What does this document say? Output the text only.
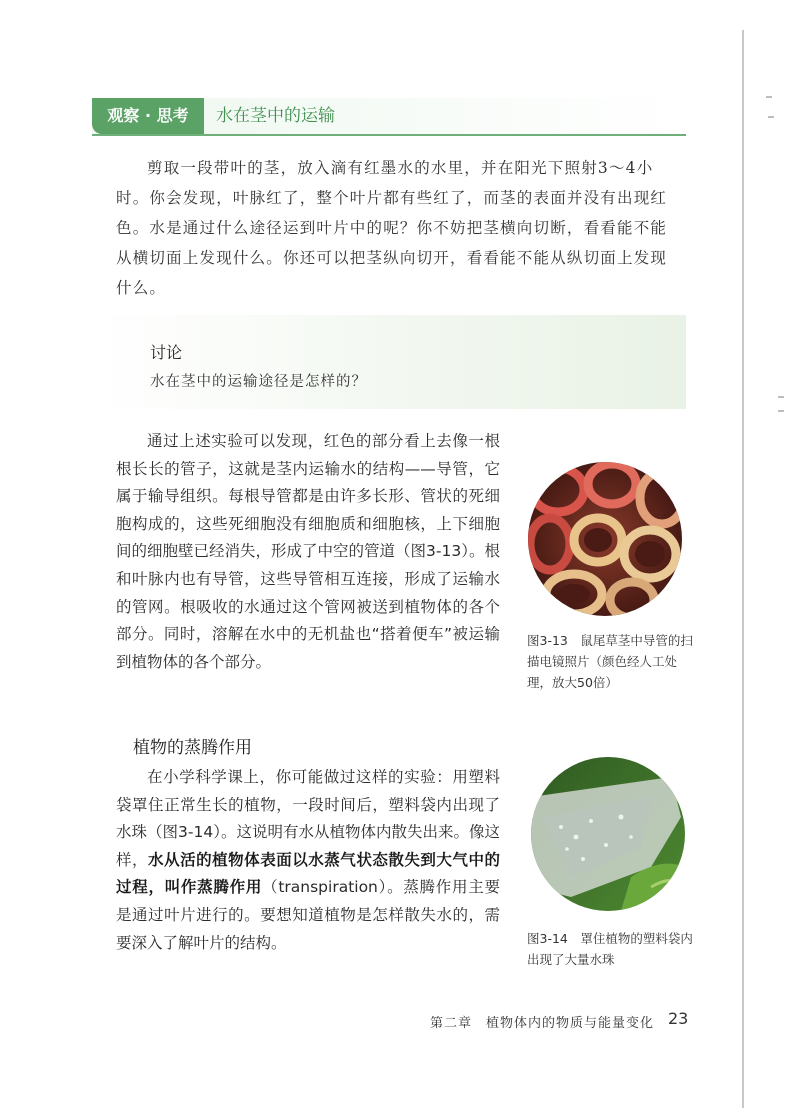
观察 · 思考	水在茎中的运输
剪取一段带叶的茎，放入滴有红墨水的水里，并在阳光下照射3～4小时。你会发现，叶脉红了，整个叶片都有些红了，而茎的表面并没有出现红色。水是通过什么途径运到叶片中的呢？你不妨把茎横向切断，看看能不能从横切面上发现什么。你还可以把茎纵向切开，看看能不能从纵切面上发现什么。
讨论
水在茎中的运输途径是怎样的？
通过上述实验可以发现，红色的部分看上去像一根根长长的管子，这就是茎内运输水的结构——导管，它属于输导组织。每根导管都是由许多长形、管状的死细胞构成的，这些死细胞没有细胞质和细胞核，上下细胞间的细胞壁已经消失，形成了中空的管道（图3-13）。根和叶脉内也有导管，这些导管相互连接，形成了运输水的管网。根吸收的水通过这个管网被送到植物体的各个部分。同时，溶解在水中的无机盐也“搭着便车”被运输到植物体的各个部分。
图3-13　鼠尾草茎中导管的扫描电镜照片（颜色经人工处理，放大50倍）
植物的蒸腾作用
在小学科学课上，你可能做过这样的实验：用塑料袋罩住正常生长的植物，一段时间后，塑料袋内出现了水珠（图3-14）。这说明有水从植物体内散失出来。像这样，水从活的植物体表面以水蒸气状态散失到大气中的过程，叫作蒸腾作用（transpiration）。蒸腾作用主要是通过叶片进行的。要想知道植物是怎样散失水的，需要深入了解叶片的结构。	图3-14　罩住植物的塑料袋内出现了大量水珠
第二章　植物体内的物质与能量变化 23
